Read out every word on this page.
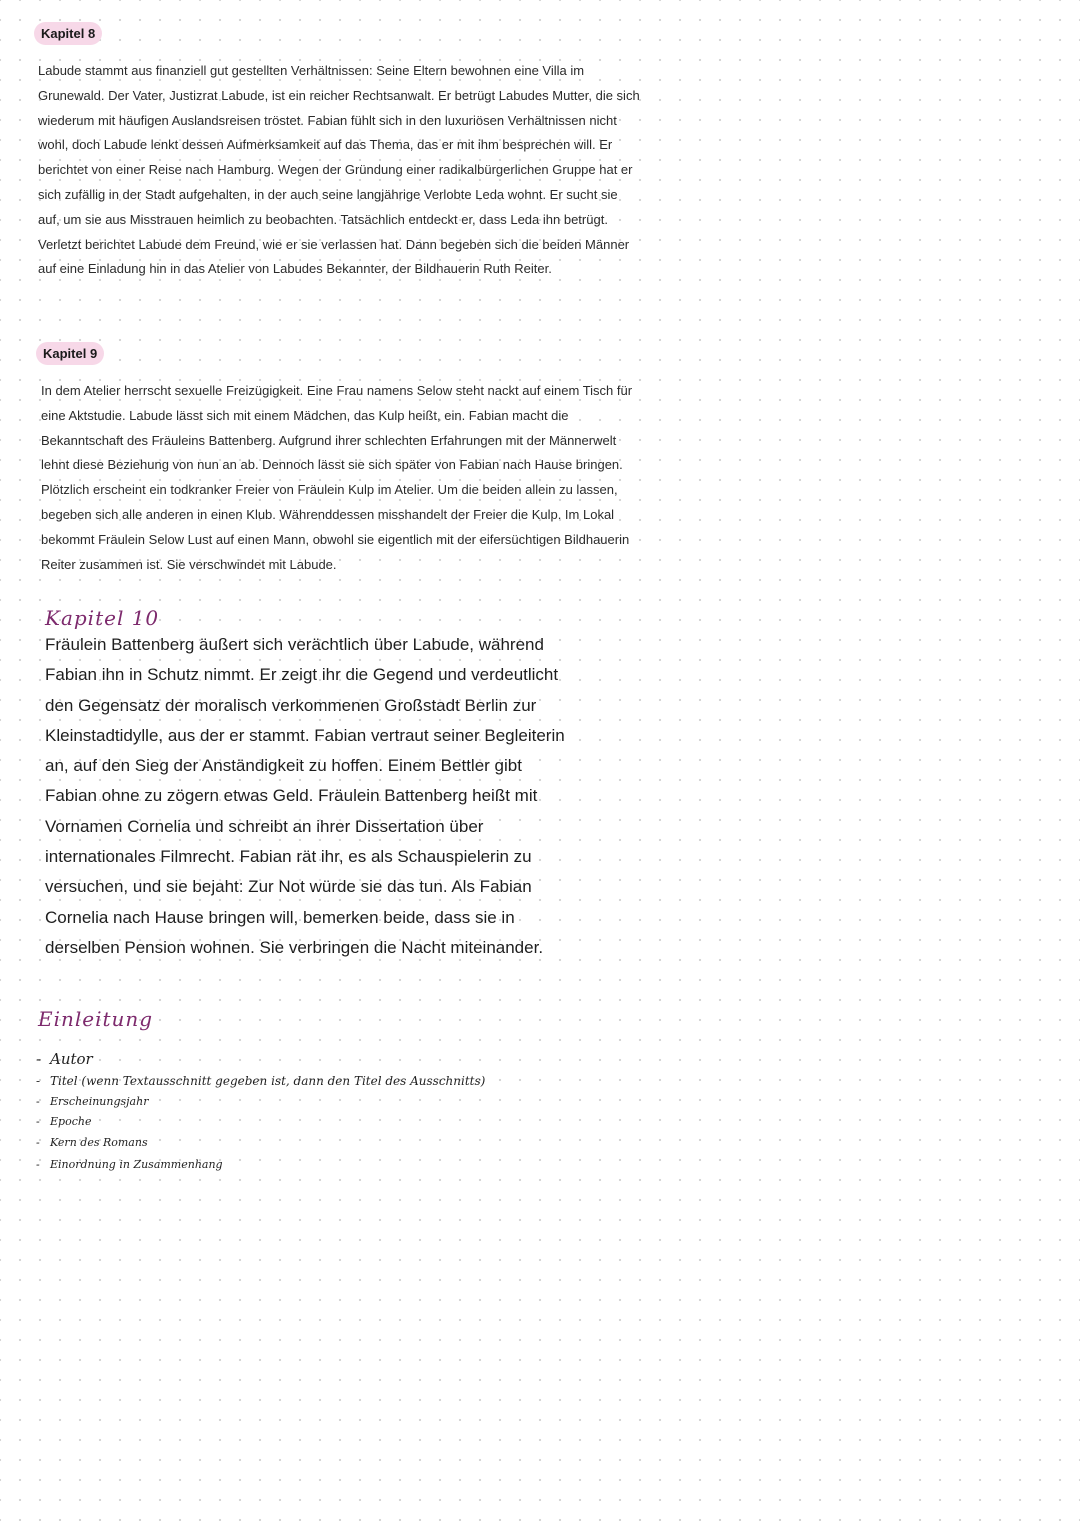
Kapitel 8

Labude stammt aus finanziell gut gestellten Verhältnissen: Seine Eltern bewohnen eine Villa im Grunewald. Der Vater, Justizrat Labude, ist ein reicher Rechtsanwalt. Er betrügt Labudes Mutter, die sich wiederum mit häufigen Auslandsreisen tröstet. Fabian fühlt sich in den luxuriösen Verhältnissen nicht wohl, doch Labude lenkt dessen Aufmerksamkeit auf das Thema, das er mit ihm besprechen will. Er berichtet von einer Reise nach Hamburg. Wegen der Gründung einer radikalbürgerlichen Gruppe hat er sich zufällig in der Stadt aufgehalten, in der auch seine langjährige Verlobte Leda wohnt. Er sucht sie auf, um sie aus Misstrauen heimlich zu beobachten. Tatsächlich entdeckt er, dass Leda ihn betrügt. Verletzt berichtet Labude dem Freund, wie er sie verlassen hat. Dann begeben sich die beiden Männer auf eine Einladung hin in das Atelier von Labudes Bekannter, der Bildhauerin Ruth Reiter.

Kapitel 9

In dem Atelier herrscht sexuelle Freizügigkeit. Eine Frau namens Selow steht nackt auf einem Tisch für eine Aktstudie. Labude lässt sich mit einem Mädchen, das Kulp heißt, ein. Fabian macht die Bekanntschaft des Fräuleins Battenberg. Aufgrund ihrer schlechten Erfahrungen mit der Männerwelt lehnt diese Beziehung von nun an ab. Dennoch lässt sie sich später von Fabian nach Hause bringen. Plötzlich erscheint ein todkranker Freier von Fräulein Kulp im Atelier. Um die beiden allein zu lassen, begeben sich alle anderen in einen Klub. Währenddessen misshandelt der Freier die Kulp. Im Lokal bekommt Fräulein Selow Lust auf einen Mann, obwohl sie eigentlich mit der eifersüchtigen Bildhauerin Reiter zusammen ist. Sie verschwindet mit Labude.

Kapitel 10

Fräulein Battenberg äußert sich verächtlich über Labude, während Fabian ihn in Schutz nimmt. Er zeigt ihr die Gegend und verdeutlicht den Gegensatz der moralisch verkommenen Großstadt Berlin zur Kleinstadtidylle, aus der er stammt. Fabian vertraut seiner Begleiterin an, auf den Sieg der Anständigkeit zu hoffen. Einem Bettler gibt Fabian ohne zu zögern etwas Geld. Fräulein Battenberg heißt mit Vornamen Cornelia und schreibt an ihrer Dissertation über internationales Filmrecht. Fabian rät ihr, es als Schauspielerin zu versuchen, und sie bejaht: Zur Not würde sie das tun. Als Fabian Cornelia nach Hause bringen will, bemerken beide, dass sie in derselben Pension wohnen. Sie verbringen die Nacht miteinander.

Einleitung

- Autor
- Titel (wenn Textausschnitt gegeben ist, dann den Titel des Ausschnitts)
- Erscheinungsjahr
- Epoche
- Kern des Romans
- Einordnung in Zusammenhang
